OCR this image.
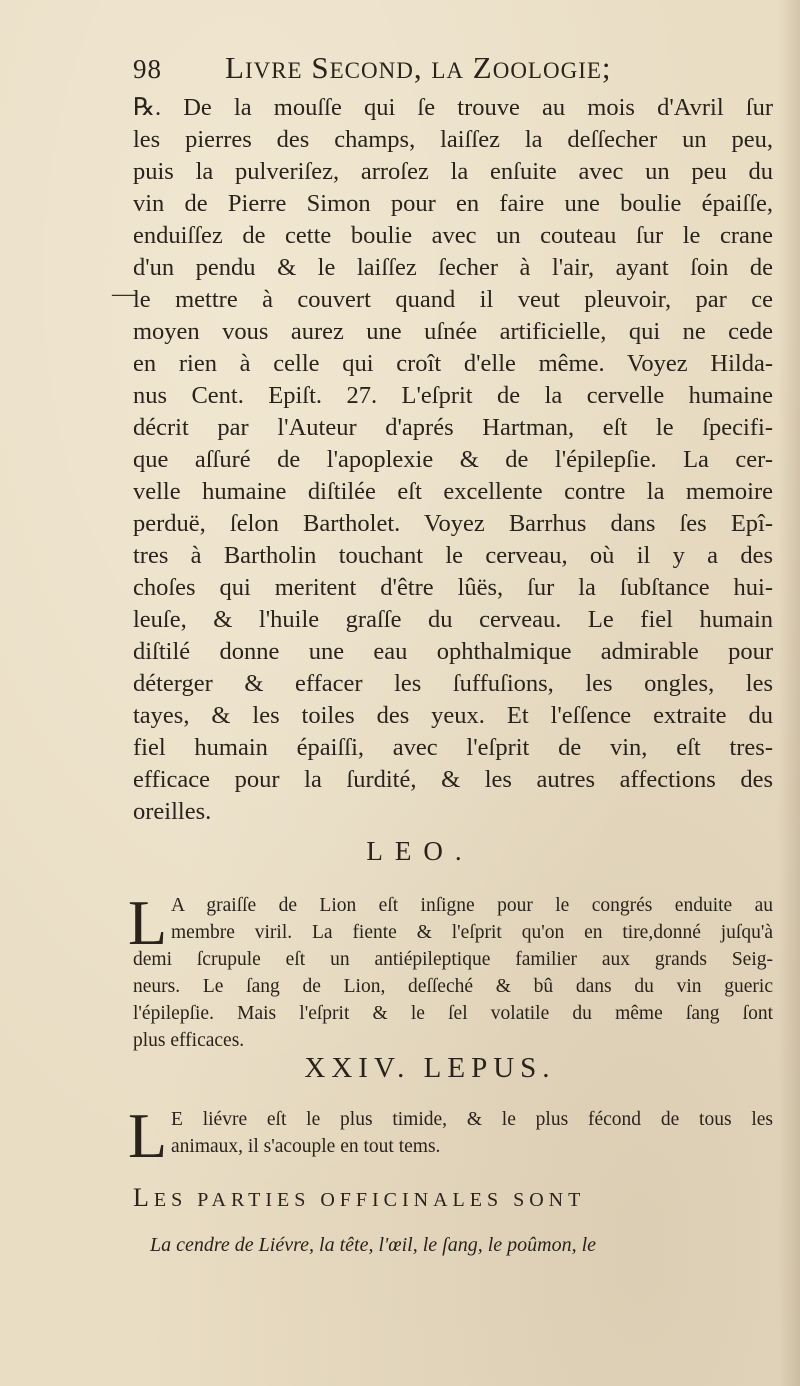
98 LIVRE SECOND, LA ZOOLOGIE;
—
℞. De la mouſſe qui ſe trouve au mois d'Avril ſur
les pierres des champs, laiſſez la deſſecher un peu,
puis la pulveriſez, arroſez la enſuite avec un peu du
vin de Pierre Simon pour en faire une boulie épaiſſe,
enduiſſez de cette boulie avec un couteau ſur le crane
d'un pendu & le laiſſez ſecher à l'air, ayant ſoin de
le mettre à couvert quand il veut pleuvoir, par ce
moyen vous aurez une uſnée artificielle, qui ne cede
en rien à celle qui croît d'elle même. Voyez Hilda-
nus Cent. Epiſt. 27. L'eſprit de la cervelle humaine
décrit par l'Auteur d'aprés Hartman, eſt le ſpecifi-
que aſſuré de l'apoplexie & de l'épilepſie. La cer-
velle humaine diſtilée eſt excellente contre la memoire
perduë, ſelon Bartholet. Voyez Barrhus dans ſes Epî-
tres à Bartholin touchant le cerveau, où il y a des
choſes qui meritent d'être lûës, ſur la ſubſtance hui-
leuſe, & l'huile graſſe du cerveau. Le fiel humain
diſtilé donne une eau ophthalmique admirable pour
déterger & effacer les ſuffuſions, les ongles, les
tayes, & les toiles des yeux. Et l'eſſence extraite du
fiel humain épaiſſi, avec l'eſprit de vin, eſt tres-
efficace pour la ſurdité, & les autres affections des
oreilles.
LEO.
L A graiſſe de Lion eſt inſigne pour le congrés enduite au
membre viril. La fiente & l'eſprit qu'on en tire,donné juſqu'à
demi ſcrupule eſt un antiépileptique familier aux grands Seig-
neurs. Le ſang de Lion, deſſeché & bû dans du vin gueric
l'épilepſie. Mais l'eſprit & le ſel volatile du même ſang ſont
plus efficaces.
XXIV. LEPUS.
L E liévre eſt le plus timide, & le plus fécond de tous les
animaux, il s'acouple en tout tems.
LES PARTIES OFFICINALES SONT
La cendre de Liévre, la tête, l'œil, le ſang, le poûmon, le
